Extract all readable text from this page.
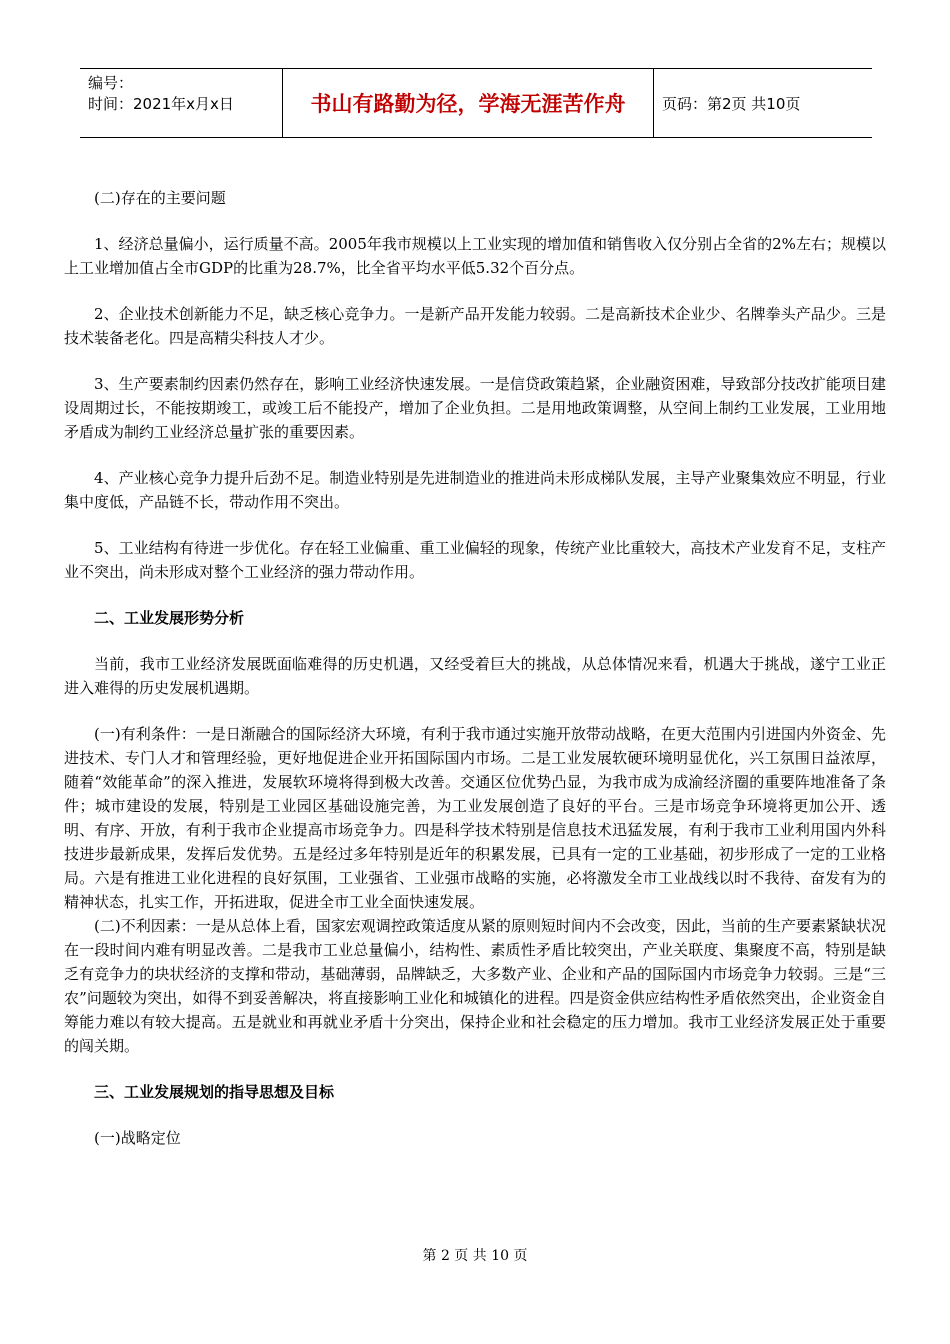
编号：
时间：2021年x月x日	书山有路勤为径，学海无涯苦作舟	页码：第2页 共10页

(二)存在的主要问题

1、经济总量偏小，运行质量不高。2005年我市规模以上工业实现的增加值和销售收入仅分别占全省的2%左右；规模以上工业增加值占全市GDP的比重为28.7%，比全省平均水平低5.32个百分点。

2、企业技术创新能力不足，缺乏核心竞争力。一是新产品开发能力较弱。二是高新技术企业少、名牌拳头产品少。三是技术装备老化。四是高精尖科技人才少。

3、生产要素制约因素仍然存在，影响工业经济快速发展。一是信贷政策趋紧，企业融资困难，导致部分技改扩能项目建设周期过长，不能按期竣工，或竣工后不能投产，增加了企业负担。二是用地政策调整，从空间上制约工业发展，工业用地矛盾成为制约工业经济总量扩张的重要因素。

4、产业核心竞争力提升后劲不足。制造业特别是先进制造业的推进尚未形成梯队发展，主导产业聚集效应不明显，行业集中度低，产品链不长，带动作用不突出。

5、工业结构有待进一步优化。存在轻工业偏重、重工业偏轻的现象，传统产业比重较大，高技术产业发育不足，支柱产业不突出，尚未形成对整个工业经济的强力带动作用。

二、工业发展形势分析

当前，我市工业经济发展既面临难得的历史机遇，又经受着巨大的挑战，从总体情况来看，机遇大于挑战，遂宁工业正进入难得的历史发展机遇期。

(一)有利条件：一是日渐融合的国际经济大环境，有利于我市通过实施开放带动战略，在更大范围内引进国内外资金、先进技术、专门人才和管理经验，更好地促进企业开拓国际国内市场。二是工业发展软硬环境明显优化，兴工氛围日益浓厚，随着“效能革命”的深入推进，发展软环境将得到极大改善。交通区位优势凸显，为我市成为成渝经济圈的重要阵地准备了条件；城市建设的发展，特别是工业园区基础设施完善，为工业发展创造了良好的平台。三是市场竞争环境将更加公开、透明、有序、开放，有利于我市企业提高市场竞争力。四是科学技术特别是信息技术迅猛发展，有利于我市工业利用国内外科技进步最新成果，发挥后发优势。五是经过多年特别是近年的积累发展，已具有一定的工业基础，初步形成了一定的工业格局。六是有推进工业化进程的良好氛围，工业强省、工业强市战略的实施，必将激发全市工业战线以时不我待、奋发有为的精神状态，扎实工作，开拓进取，促进全市工业全面快速发展。

(二)不利因素：一是从总体上看，国家宏观调控政策适度从紧的原则短时间内不会改变，因此，当前的生产要素紧缺状况在一段时间内难有明显改善。二是我市工业总量偏小，结构性、素质性矛盾比较突出，产业关联度、集聚度不高，特别是缺乏有竞争力的块状经济的支撑和带动，基础薄弱，品牌缺乏，大多数产业、企业和产品的国际国内市场竞争力较弱。三是“三农”问题较为突出，如得不到妥善解决，将直接影响工业化和城镇化的进程。四是资金供应结构性矛盾依然突出，企业资金自筹能力难以有较大提高。五是就业和再就业矛盾十分突出，保持企业和社会稳定的压力增加。我市工业经济发展正处于重要的闯关期。

三、工业发展规划的指导思想及目标

(一)战略定位

第 2 页 共 10 页
